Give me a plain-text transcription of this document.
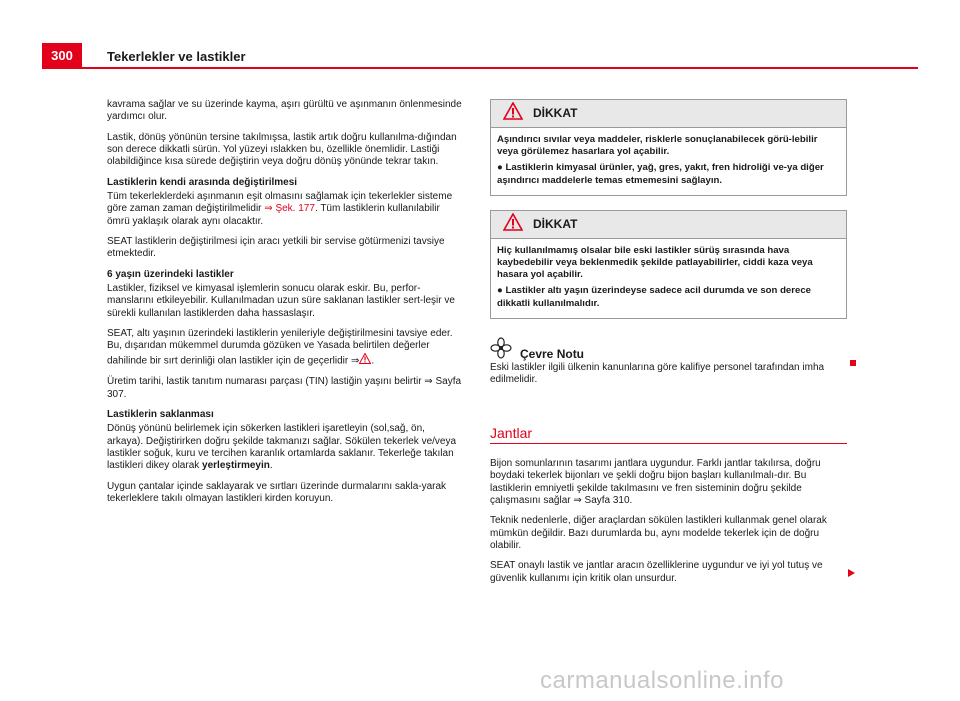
300	Tekerlekler ve lastikler

kavrama sağlar ve su üzerinde kayma, aşırı gürültü ve aşınmanın önlenmesinde yardımcı olur.

Lastik, dönüş yönünün tersine takılmışsa, lastik artık doğru kullanılma-dığından son derece dikkatli sürün. Yol yüzeyi ıslakken bu, özellikle önemlidir. Lastiği olabildiğince kısa sürede değiştirin veya doğru dönüş yönünde tekrar takın.

Lastiklerin kendi arasında değiştirilmesi

Tüm tekerleklerdeki aşınmanın eşit olmasını sağlamak için tekerlekler sisteme göre zaman zaman değiştirilmelidir ⇒ Şek. 177. Tüm lastiklerin kullanılabilir ömrü yaklaşık olarak aynı olacaktır.

SEAT lastiklerin değiştirilmesi için aracı yetkili bir servise götürmenizi tavsiye etmektedir.

6 yaşın üzerindeki lastikler

Lastikler, fiziksel ve kimyasal işlemlerin sonucu olarak eskir. Bu, perfor-manslarını etkileyebilir. Kullanılmadan uzun süre saklanan lastikler sert-leşir ve sürekli kullanılan lastiklerden daha hassaslaşır.

SEAT, altı yaşının üzerindeki lastiklerin yenileriyle değiştirilmesini tavsiye eder. Bu, dışarıdan mükemmel durumda gözüken ve Yasada belirtilen değerler dahilinde bir sırt derinliği olan lastikler için de geçerlidir ⇒ .

Üretim tarihi, lastik tanıtım numarası parçası (TIN) lastiğin yaşını belirtir ⇒ Sayfa 307.

Lastiklerin saklanması

Dönüş yönünü belirlemek için sökerken lastikleri işaretleyin (sol,sağ, ön, arkaya). Değiştirirken doğru şekilde takmanızı sağlar. Sökülen tekerlek ve/veya lastikler soğuk, kuru ve tercihen karanlık ortamlarda saklanır. Tekerleğe takılan lastikleri dikey olarak yerleştirmeyin.

Uygun çantalar içinde saklayarak ve sırtları üzerinde durmalarını sakla-yarak tekerleklere takılı olmayan lastikleri kirden koruyun.

DİKKAT

Aşındırıcı sıvılar veya maddeler, risklerle sonuçlanabilecek görü-lebilir veya görülemez hasarlara yol açabilir.

● Lastiklerin kimyasal ürünler, yağ, gres, yakıt, fren hidroliği ve-ya diğer aşındırıcı maddelerle temas etmemesini sağlayın.

DİKKAT

Hiç kullanılmamış olsalar bile eski lastikler sürüş sırasında hava kaybedebilir veya beklenmedik şekilde patlayabilirler, ciddi kaza veya hasara yol açabilir.

● Lastikler altı yaşın üzerindeyse sadece acil durumda ve son derece dikkatli kullanılmalıdır.

Çevre Notu

Eski lastikler ilgili ülkenin kanunlarına göre kalifiye personel tarafından imha edilmelidir.

Jantlar

Bijon somunlarının tasarımı jantlara uygundur. Farklı jantlar takılırsa, doğru boydaki tekerlek bijonları ve şekli doğru bijon başları kullanılmalı-dır. Bu lastiklerin emniyetli şekilde takılmasını ve fren sisteminin doğru şekilde çalışmasını sağlar ⇒ Sayfa 310.

Teknik nedenlerle, diğer araçlardan sökülen lastikleri kullanmak genel olarak mümkün değildir. Bazı durumlarda bu, aynı modelde tekerlek için de doğru olabilir.

SEAT onaylı lastik ve jantlar aracın özelliklerine uygundur ve iyi yol tutuş ve güvenlik kullanımı için kritik olan unsurdur.

carmanualsonline.info
